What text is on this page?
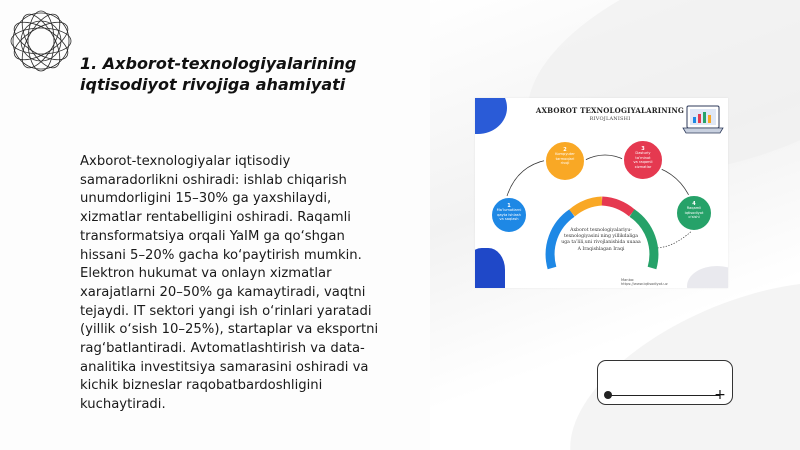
1. Axborot-texnologiyalarining
iqtisodiyot rivojiga ahamiyati

Axborot-texnologiyalar iqtisodiy
samaradorlikni oshiradi: ishlab chiqarish
unumdorligini 15–30% ga yaxshilaydi,
xizmatlar rentabelligini oshiradi. Raqamli
transformatsiya orqali YaIM ga qo‘shgan
hissani 5–20% gacha ko‘paytirish mumkin.
Elektron hukumat va onlayn xizmatlar
xarajatlarni 20–50% ga kamaytiradi, vaqtni
tejaydi. IT sektori yangi ish o‘rinlari yaratadi
(yillik o‘sish 10–25%), startaplar va eksportni
rag‘batlantiradi. Avtomatlashtirish va data-
analitika investitsiya samarasini oshiradi va
kichik bizneslar raqobatbardoshligini
kuchaytiradi.

AXBOROT TEXNOLOGIYALARINING
RIVOJLANISHI
1
Ma’lumotlarni
qayta ishlash
va saqlash
2
Kompyuter
tarmoqlari
rivoji
3
Dasturiy ta’minot
va raqamli
xizmatlar
4
Raqamli
iqtisodiyot
o‘sishi
Axborot texnologiyalariyu-
texnologiyasini ning yillikdaliga
uga ta’lili,uni rivojlanishida uuaaa
A Iraqishlagan Iraqi
Manba:
https://www.iqtisodiyot.uz
+
